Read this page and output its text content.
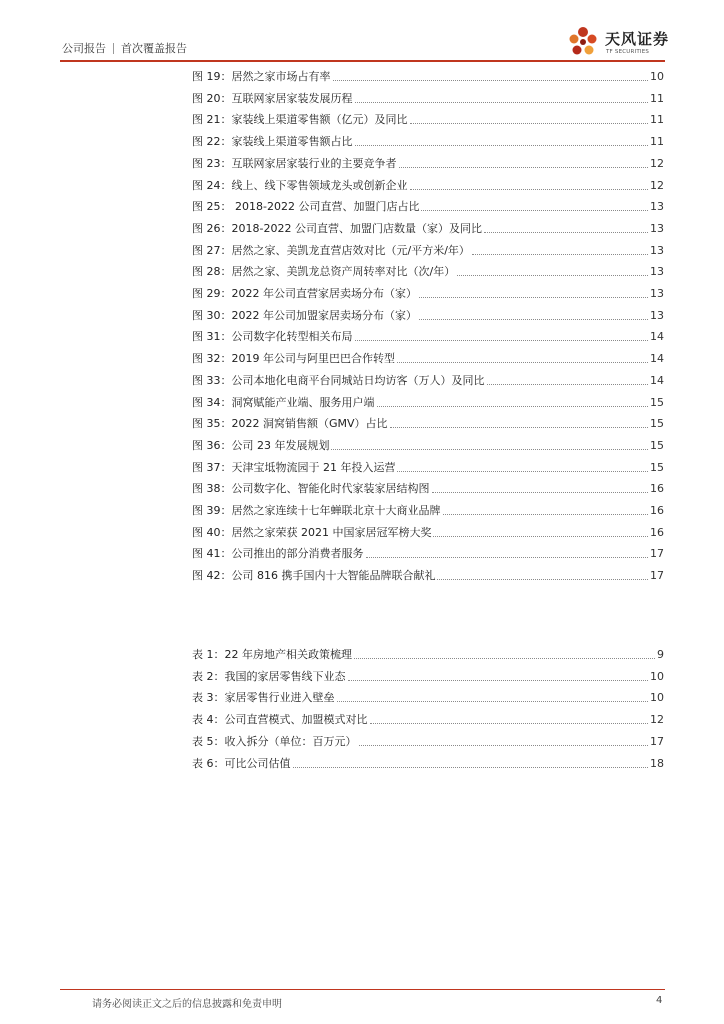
公司报告 首次覆盖报告
天风证券
TF SECURITIES
图 19：居然之家市场占有率	10
图 20：互联网家居家装发展历程	11
图 21：家装线上渠道零售额（亿元）及同比	11
图 22：家装线上渠道零售额占比	11
图 23：互联网家居家装行业的主要竞争者	12
图 24：线上、线下零售领域龙头或创新企业	12
图 25： 2018-2022 公司直营、加盟门店占比	13
图 26：2018-2022 公司直营、加盟门店数量（家）及同比	13
图 27：居然之家、美凯龙直营店效对比（元/平方米/年）	13
图 28：居然之家、美凯龙总资产周转率对比（次/年）	13
图 29：2022 年公司直营家居卖场分布（家）	13
图 30：2022 年公司加盟家居卖场分布（家）	13
图 31：公司数字化转型相关布局	14
图 32：2019 年公司与阿里巴巴合作转型	14
图 33：公司本地化电商平台同城站日均访客（万人）及同比	14
图 34：洞窝赋能产业端、服务用户端	15
图 35：2022 洞窝销售额（GMV）占比	15
图 36：公司 23 年发展规划	15
图 37：天津宝坻物流园于 21 年投入运营	15
图 38：公司数字化、智能化时代家装家居结构图	16
图 39：居然之家连续十七年蝉联北京十大商业品牌	16
图 40：居然之家荣获 2021 中国家居冠军榜大奖	16
图 41：公司推出的部分消费者服务	17
图 42：公司 816 携手国内十大智能品牌联合献礼	17
表 1：22 年房地产相关政策梳理	9
表 2：我国的家居零售线下业态	10
表 3：家居零售行业进入壁垒	10
表 4：公司直营模式、加盟模式对比	12
表 5：收入拆分（单位：百万元）	17
表 6：可比公司估值	18
请务必阅读正文之后的信息披露和免责申明	4
